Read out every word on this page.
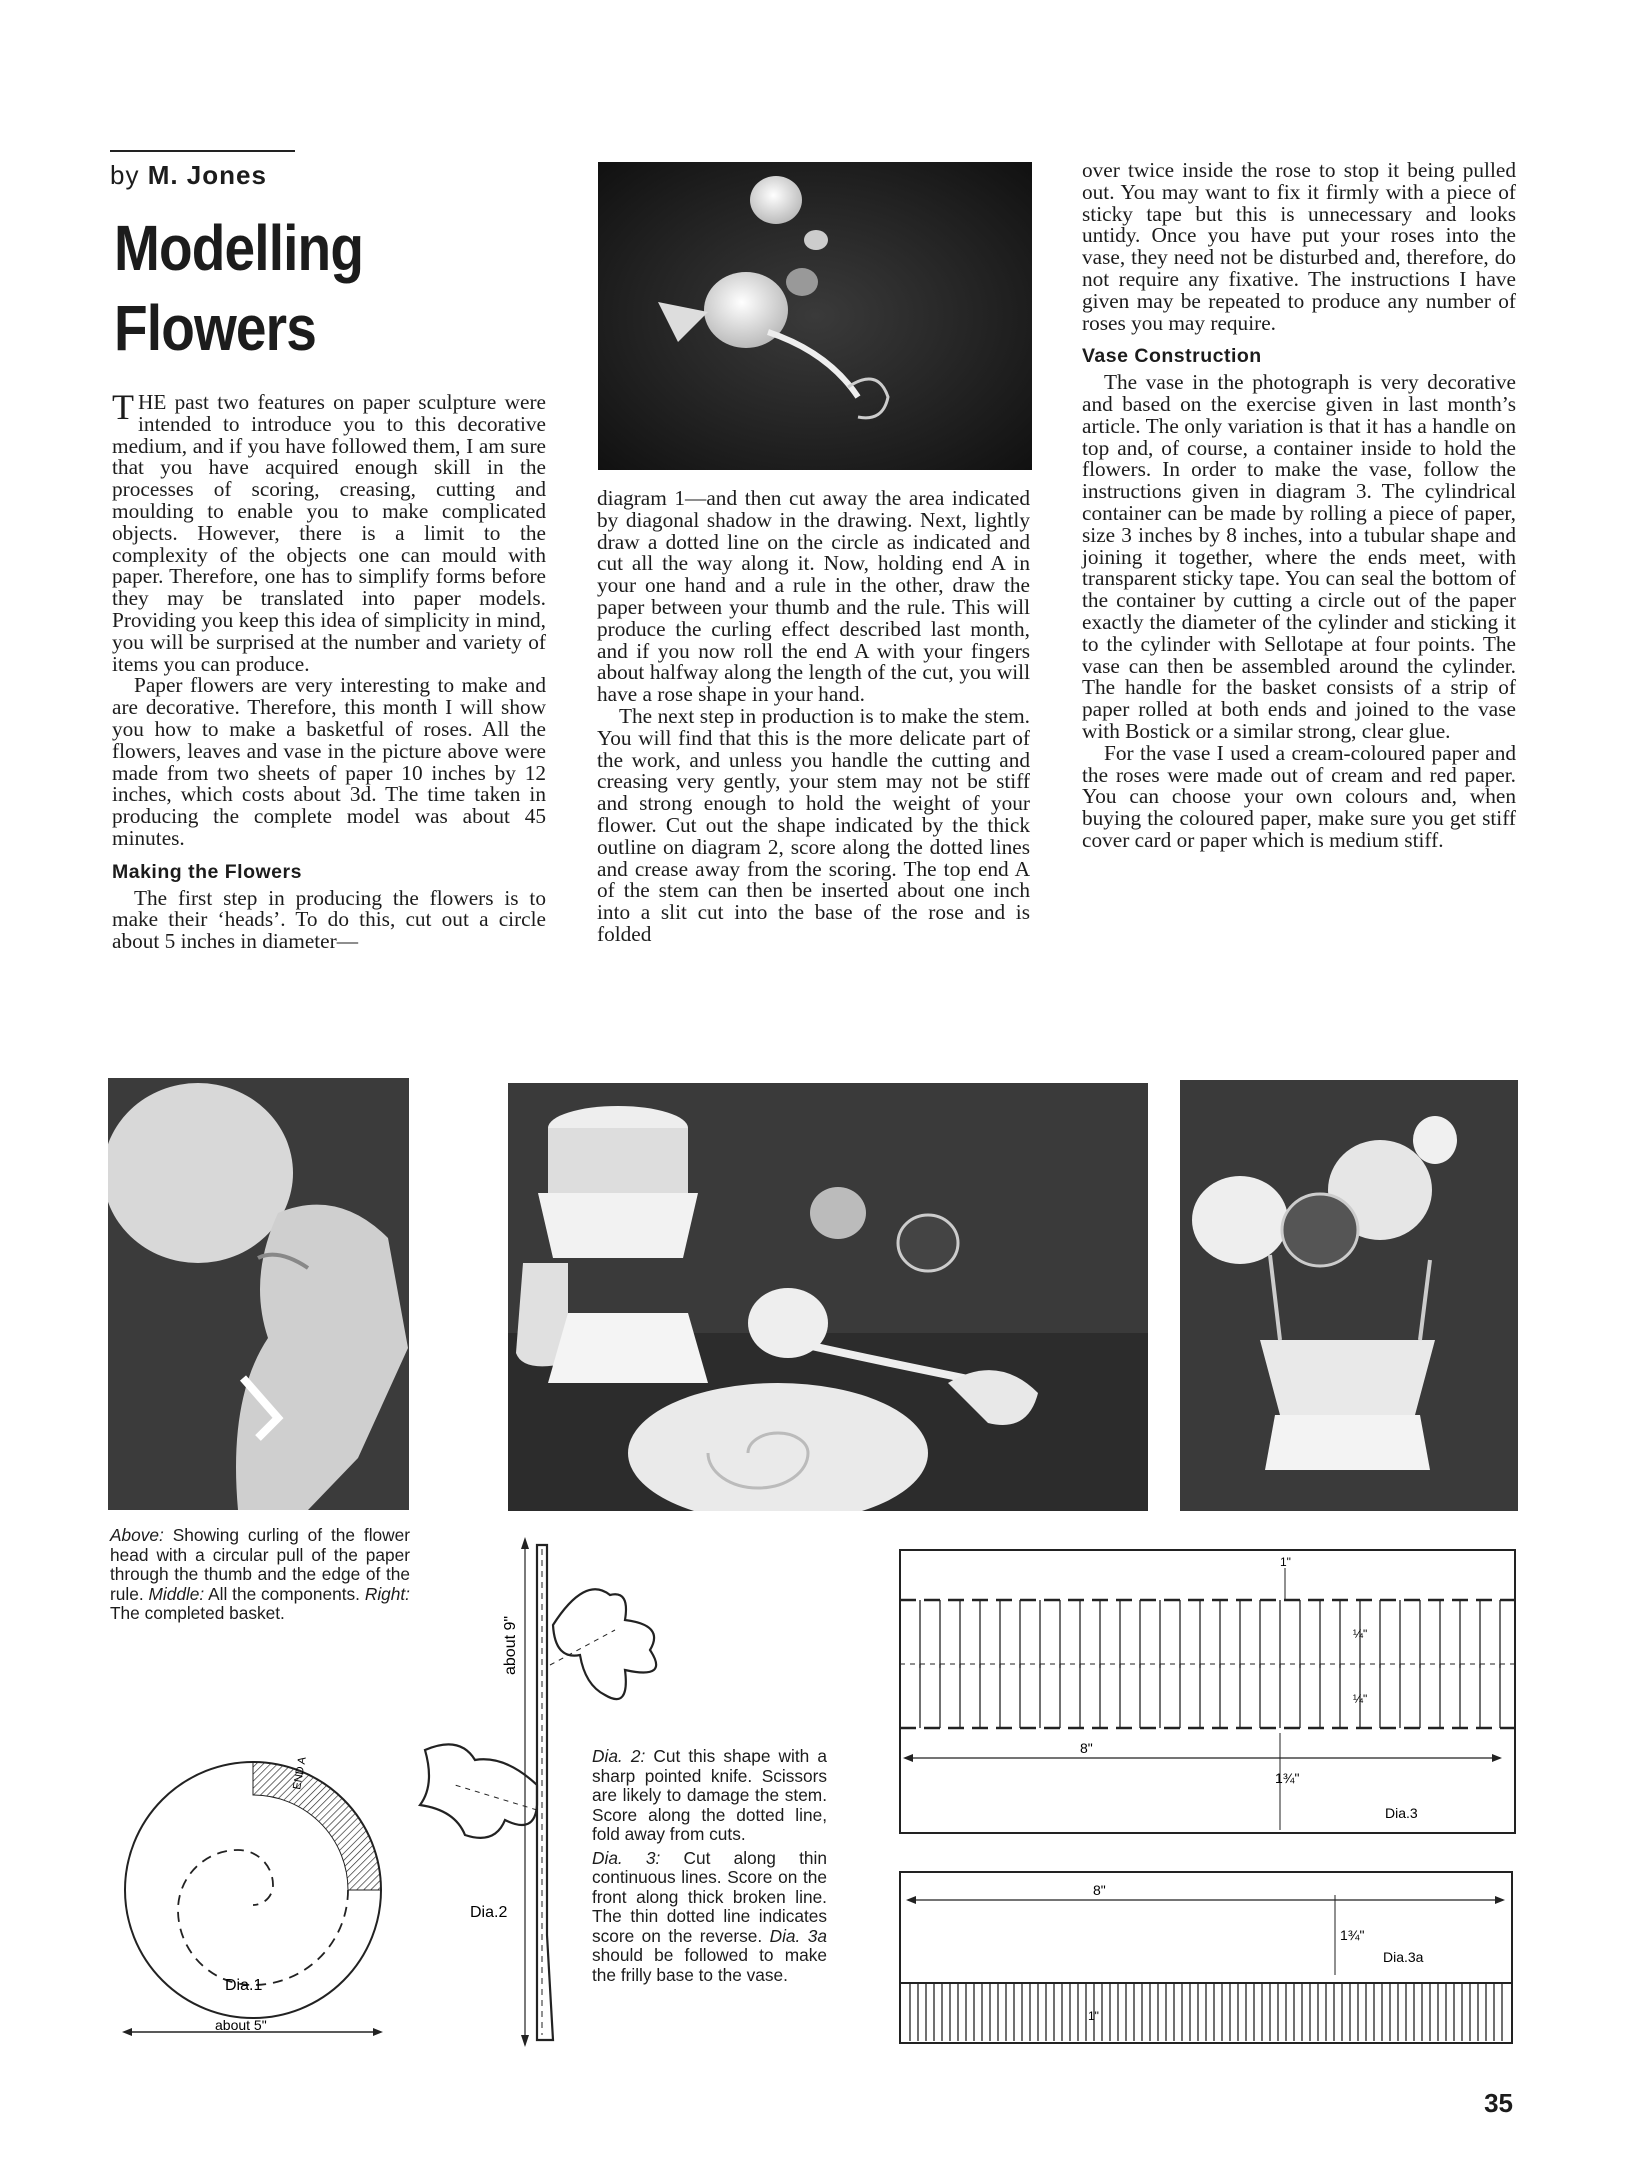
by M. Jones
Modelling
Flowers

THE past two features on paper sculpture were intended to introduce you to this decorative medium, and if you have followed them, I am sure that you have acquired enough skill in the processes of scoring, creasing, cutting and moulding to enable you to make complicated objects. However, there is a limit to the complexity of the objects one can mould with paper. Therefore, one has to simplify forms before they may be translated into paper models. Providing you keep this idea of simplicity in mind, you will be surprised at the number and variety of items you can produce.

Paper flowers are very interesting to make and are decorative. Therefore, this month I will show you how to make a basketful of roses. All the flowers, leaves and vase in the picture above were made from two sheets of paper 10 inches by 12 inches, which costs about 3d. The time taken in producing the complete model was about 45 minutes.

Making the Flowers

The first step in producing the flowers is to make their ‘heads’. To do this, cut out a circle about 5 inches in diameter—

diagram 1—and then cut away the area indicated by diagonal shadow in the drawing. Next, lightly draw a dotted line on the circle as indicated and cut all the way along it. Now, holding end A in your one hand and a rule in the other, draw the paper between your thumb and the rule. This will produce the curling effect described last month, and if you now roll the end A with your fingers about halfway along the length of the cut, you will have a rose shape in your hand.

The next step in production is to make the stem. You will find that this is the more delicate part of the work, and unless you handle the cutting and creasing very gently, your stem may not be stiff and strong enough to hold the weight of your flower. Cut out the shape indicated by the thick outline on diagram 2, score along the dotted lines and crease away from the scoring. The top end A of the stem can then be inserted about one inch into a slit cut into the base of the rose and is folded

over twice inside the rose to stop it being pulled out. You may want to fix it firmly with a piece of sticky tape but this is unnecessary and looks untidy. Once you have put your roses into the vase, they need not be disturbed and, therefore, do not require any fixative. The instructions I have given may be repeated to produce any number of roses you may require.

Vase Construction

The vase in the photograph is very decorative and based on the exercise given in last month’s article. The only variation is that it has a handle on top and, of course, a container inside to hold the flowers. In order to make the vase, follow the instructions given in diagram 3. The cylindrical container can be made by rolling a piece of paper, size 3 inches by 8 inches, into a tubular shape and joining it together, where the ends meet, with transparent sticky tape. You can seal the bottom of the container by cutting a circle out of the paper exactly the diameter of the cylinder and sticking it to the cylinder with Sellotape at four points. The vase can then be assembled around the cylinder. The handle for the basket consists of a strip of paper rolled at both ends and joined to the vase with Bostick or a similar strong, clear glue.

For the vase I used a cream-coloured paper and the roses were made out of cream and red paper. You can choose your own colours and, when buying the coloured paper, make sure you get stiff cover card or paper which is medium stiff.

Above: Showing curling of the flower head with a circular pull of the paper through the thumb and the edge of the rule. Middle: All the components. Right: The completed basket.
END A
Dia.1
about 5"
about 9"
Dia.2
Dia. 2: Cut this shape with a sharp pointed knife. Scissors are likely to damage the stem. Score along the dotted line, fold away from cuts.
Dia. 3: Cut along thin continuous lines. Score on the front along thick broken line. The thin dotted line indicates score on the reverse. Dia. 3a should be followed to make the frilly base to the vase.
1"
¼"
¼"
8"
1¾"
Dia.3
8"
1¾"
Dia.3a
1"
35
